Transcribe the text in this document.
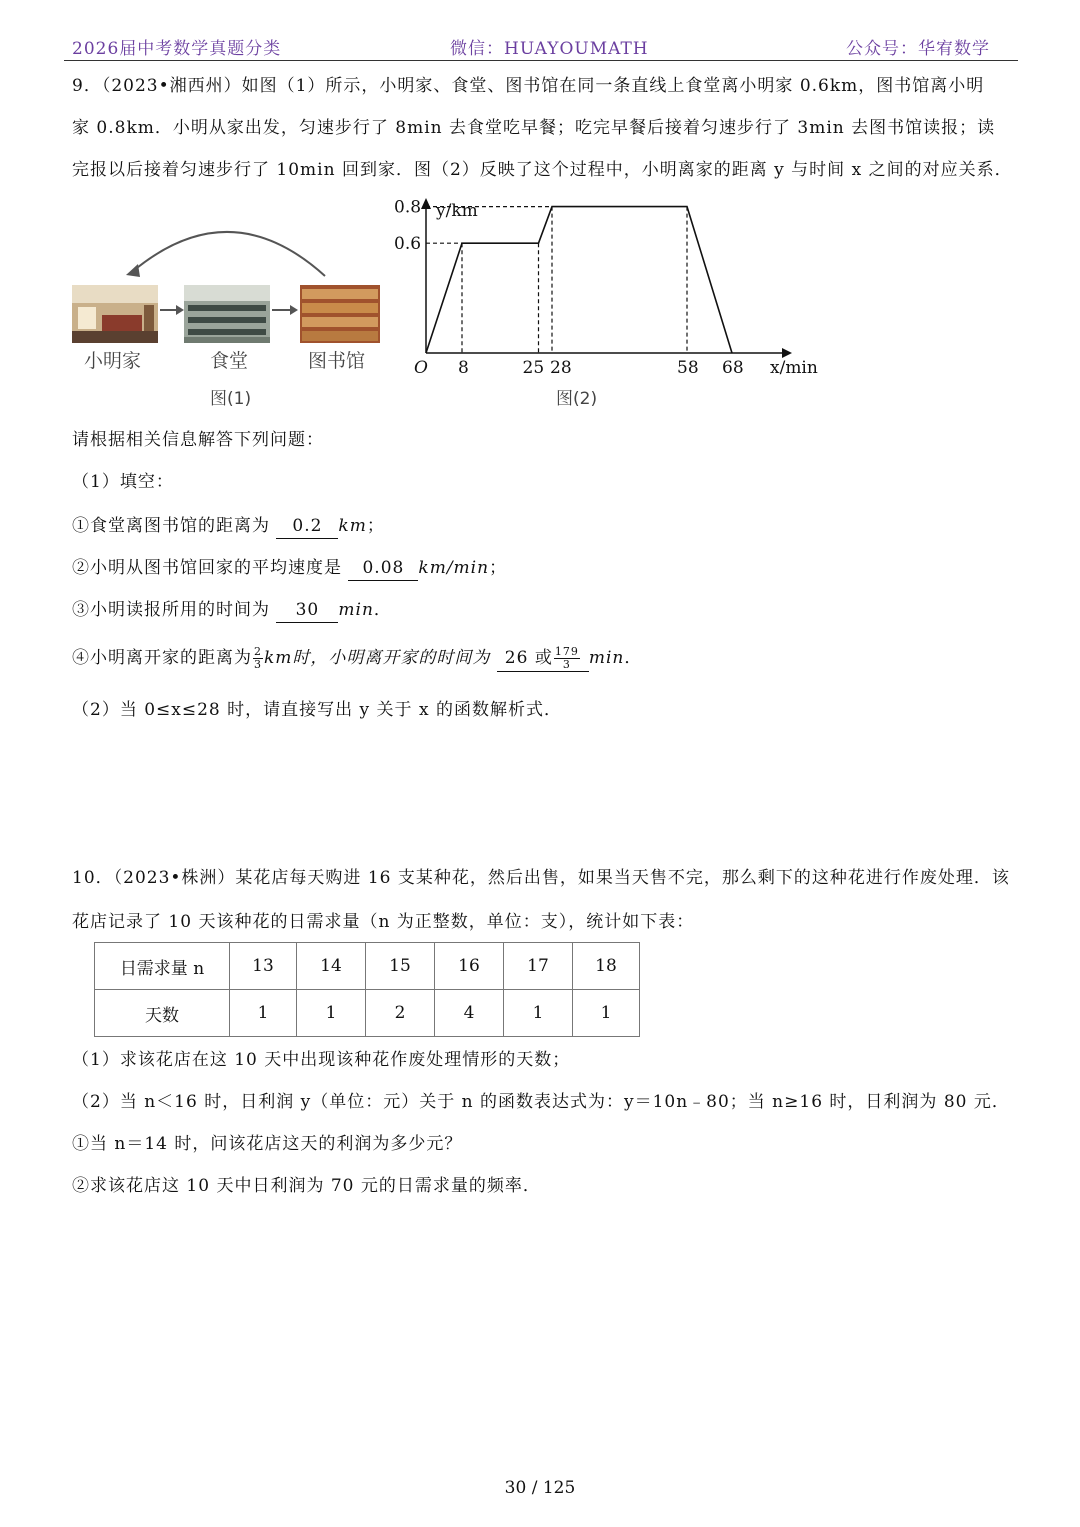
2026届中考数学真题分类	微信：HUAYOUMATH	公众号：华宥数学
9．（2023•湘西州）如图（1）所示，小明家、食堂、图书馆在同一条直线上食堂离小明家 0.6km，图书馆离小明
家 0.8km．小明从家出发，匀速步行了 8min 去食堂吃早餐；吃完早餐后接着匀速步行了 3min 去图书馆读报；读
完报以后接着匀速步行了 10min 回到家．图（2）反映了这个过程中，小明离家的距离 y 与时间 x 之间的对应关系．
小明家	食堂	图书馆
图(1)
y/km
x/min
O
0.6
0.8
8	25 28	58 68
图(2)
请根据相关信息解答下列问题：
（1）填空：
①食堂离图书馆的距离为 0.2 km；
②小明从图书馆回家的平均速度是 0.08 km/min；
③小明读报所用的时间为 30 min．
④小明离开家的距离为 $\frac{2}{3}$ km时，小明离开家的时间为 26 或 $\frac{179}{3}$ min．
（2）当 0≤x≤28 时，请直接写出 y 关于 x 的函数解析式．
10．（2023•株洲）某花店每天购进 16 支某种花，然后出售，如果当天售不完，那么剩下的这种花进行作废处理．该
花店记录了 10 天该种花的日需求量（n 为正整数，单位：支），统计如下表：
日需求量 n	13	14	15	16	17	18
天数	1	1	2	4	1	1
（1）求该花店在这 10 天中出现该种花作废处理情形的天数；
（2）当 n＜16 时，日利润 y（单位：元）关于 n 的函数表达式为：y＝10n﹣80；当 n≥16 时，日利润为 80 元．
①当 n＝14 时，问该花店这天的利润为多少元？
②求该花店这 10 天中日利润为 70 元的日需求量的频率．
30 / 125
